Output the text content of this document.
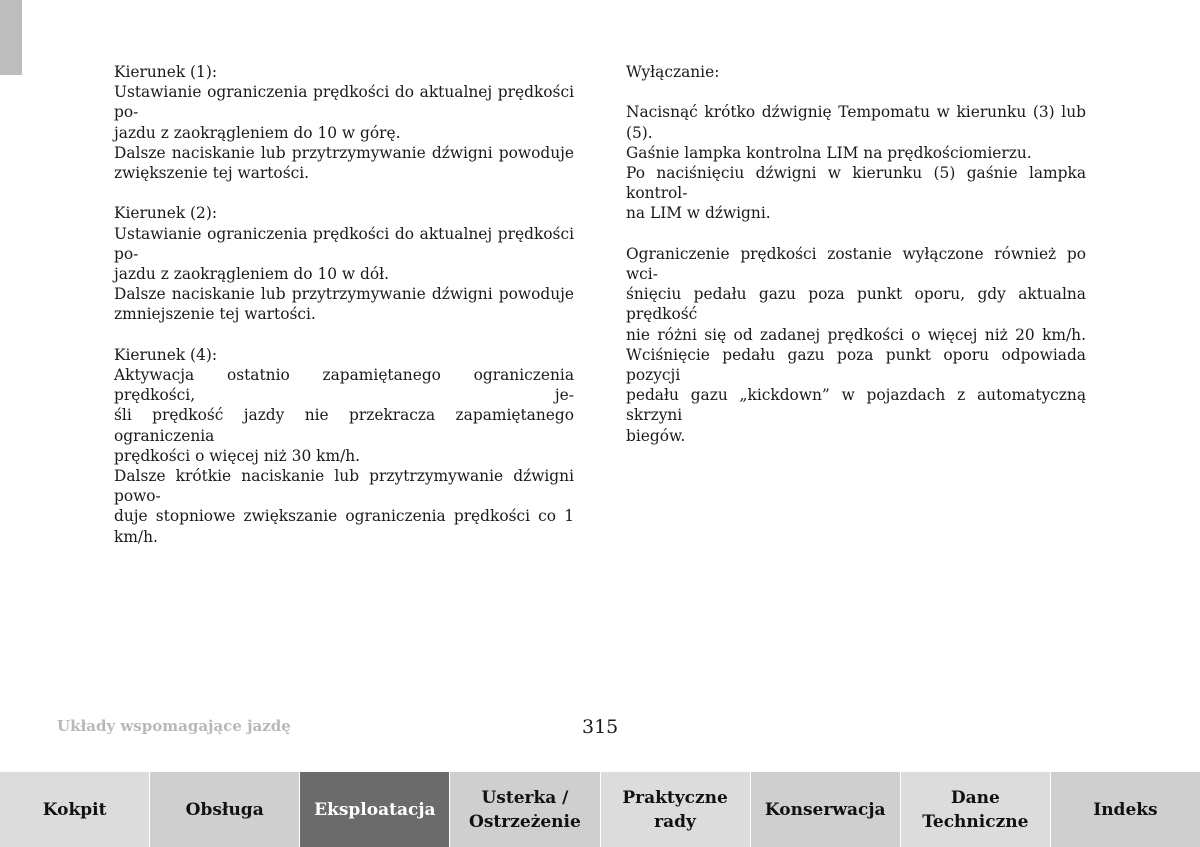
Kierunek (1):
Ustawianie ograniczenia prędkości do aktualnej prędkości po-
jazdu z zaokrągleniem do 10 w górę.
Dalsze naciskanie lub przytrzymywanie dźwigni powoduje
zwiększenie tej wartości.
Kierunek (2):
Ustawianie ograniczenia prędkości do aktualnej prędkości po-
jazdu z zaokrągleniem do 10 w dół.
Dalsze naciskanie lub przytrzymywanie dźwigni powoduje
zmniejszenie tej wartości.
Kierunek (4):
Aktywacja ostatnio zapamiętanego ograniczenia prędkości, je-
śli prędkość jazdy nie przekracza zapamiętanego ograniczenia
prędkości o więcej niż 30 km/h.
Dalsze krótkie naciskanie lub przytrzymywanie dźwigni powo-
duje stopniowe zwiększanie ograniczenia prędkości co 1 km/h.
Wyłączanie:
Nacisnąć krótko dźwignię Tempomatu w kierunku (3) lub (5).
Gaśnie lampka kontrolna LIM na prędkościomierzu.
Po naciśnięciu dźwigni w kierunku (5) gaśnie lampka kontrol-
na LIM w dźwigni.
Ograniczenie prędkości zostanie wyłączone również po wci-
śnięciu pedału gazu poza punkt oporu, gdy aktualna prędkość
nie różni się od zadanej prędkości o więcej niż 20 km/h.
Wciśnięcie pedału gazu poza punkt oporu odpowiada pozycji
pedału gazu „kickdown” w pojazdach z automatyczną skrzyni
biegów.
Układy wspomagające jazdę	315
Kokpit	Obsługa	Eksploatacja
Usterka /
Ostrzeżenie
Praktyczne
rady
Konserwacja
Dane
Techniczne
Indeks
